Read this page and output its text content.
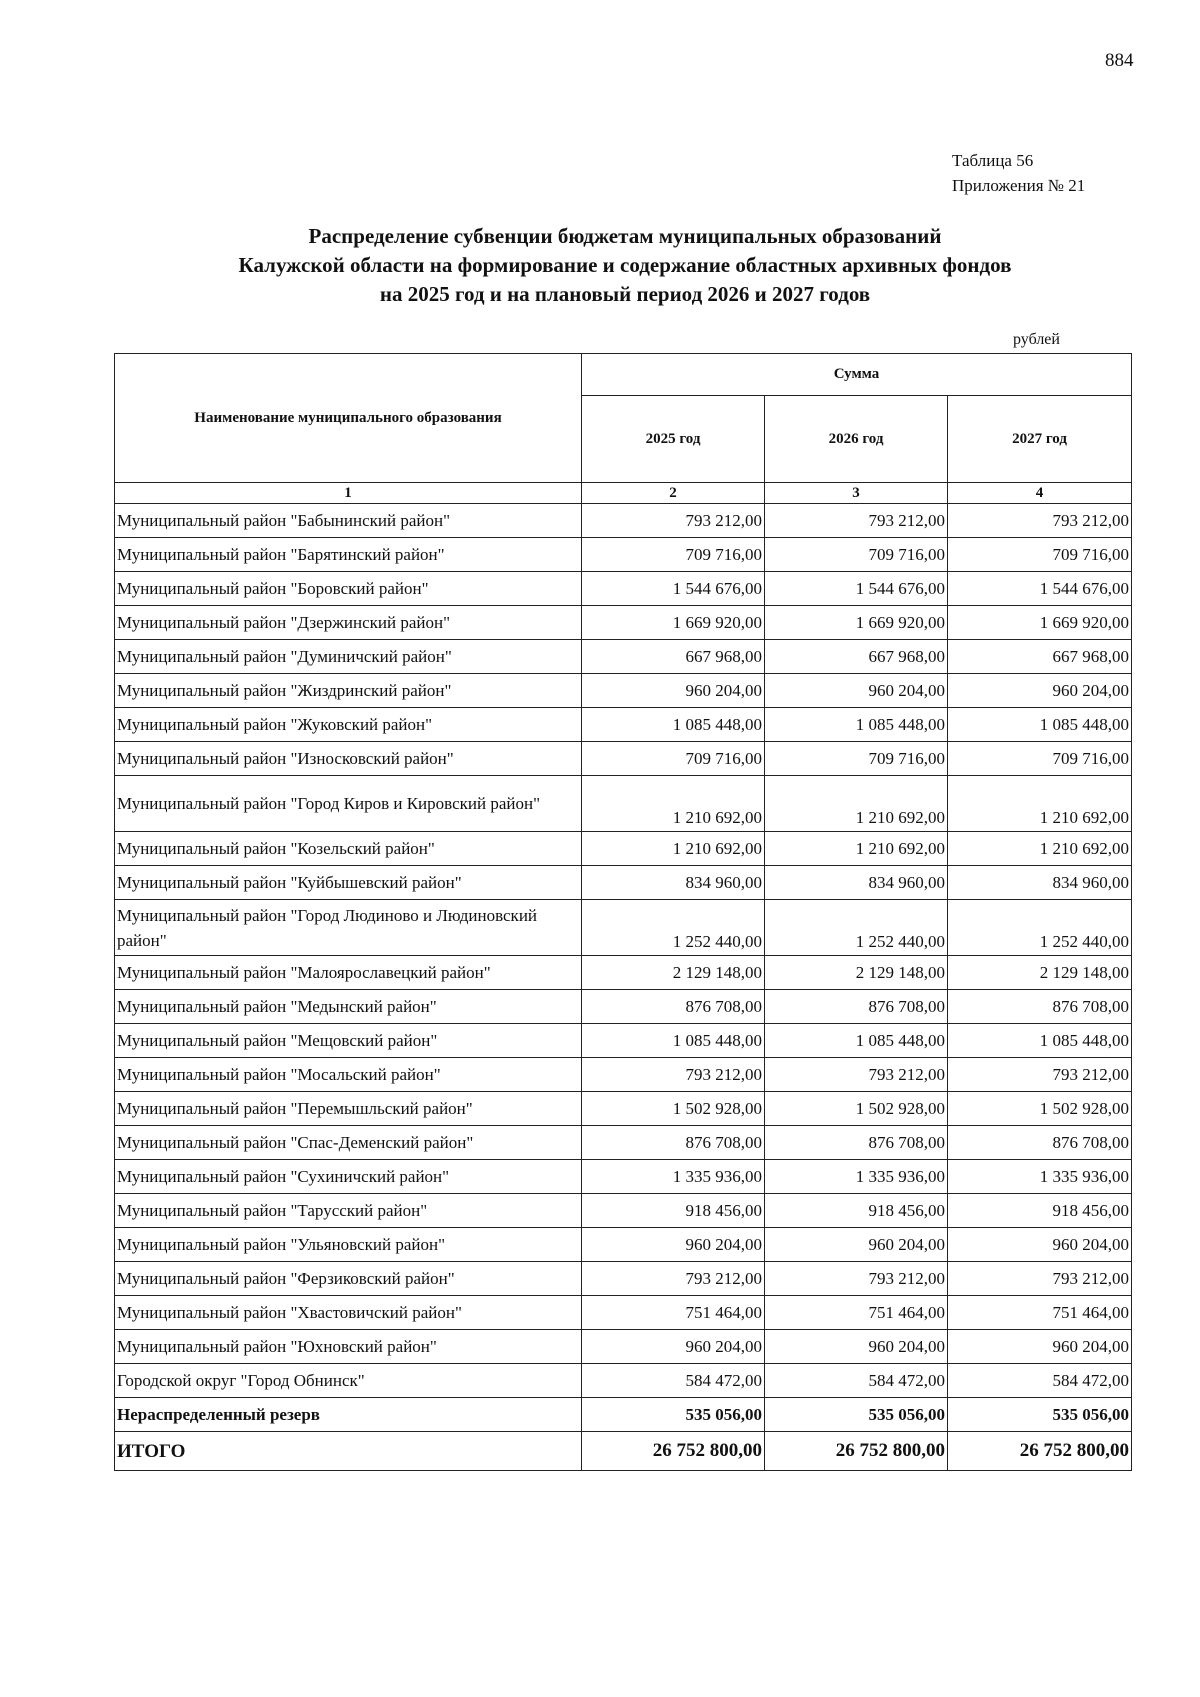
884
Таблица 56
Приложения № 21
Распределение субвенции бюджетам муниципальных образований
Калужской области на формирование и содержание областных архивных фондов
на 2025 год и на плановый период 2026 и 2027 годов
рублей
Наименование муниципального образования	Сумма		
	2025 год	2026 год	2027 год
1	2	3	4
Муниципальный район "Бабынинский район"	793 212,00	793 212,00	793 212,00
Муниципальный район "Барятинский район"	709 716,00	709 716,00	709 716,00
Муниципальный район "Боровский район"	1 544 676,00	1 544 676,00	1 544 676,00
Муниципальный район "Дзержинский район"	1 669 920,00	1 669 920,00	1 669 920,00
Муниципальный район "Думиничский район"	667 968,00	667 968,00	667 968,00
Муниципальный район "Жиздринский район"	960 204,00	960 204,00	960 204,00
Муниципальный район "Жуковский район"	1 085 448,00	1 085 448,00	1 085 448,00
Муниципальный район "Износковский район"	709 716,00	709 716,00	709 716,00
Муниципальный район "Город Киров и Кировский район"	1 210 692,00	1 210 692,00	1 210 692,00
Муниципальный район "Козельский район"	1 210 692,00	1 210 692,00	1 210 692,00
Муниципальный район "Куйбышевский район"	834 960,00	834 960,00	834 960,00
Муниципальный район "Город Людиново и Людиновский район"	1 252 440,00	1 252 440,00	1 252 440,00
Муниципальный район "Малоярославецкий район"	2 129 148,00	2 129 148,00	2 129 148,00
Муниципальный район "Медынский район"	876 708,00	876 708,00	876 708,00
Муниципальный район "Мещовский район"	1 085 448,00	1 085 448,00	1 085 448,00
Муниципальный район "Мосальский район"	793 212,00	793 212,00	793 212,00
Муниципальный район "Перемышльский район"	1 502 928,00	1 502 928,00	1 502 928,00
Муниципальный район "Спас-Деменский район"	876 708,00	876 708,00	876 708,00
Муниципальный район "Сухиничский район"	1 335 936,00	1 335 936,00	1 335 936,00
Муниципальный район "Тарусский район"	918 456,00	918 456,00	918 456,00
Муниципальный район "Ульяновский район"	960 204,00	960 204,00	960 204,00
Муниципальный район "Ферзиковский район"	793 212,00	793 212,00	793 212,00
Муниципальный район "Хвастовичский район"	751 464,00	751 464,00	751 464,00
Муниципальный район "Юхновский район"	960 204,00	960 204,00	960 204,00
Городской округ "Город Обнинск"	584 472,00	584 472,00	584 472,00
Нераспределенный резерв	535 056,00	535 056,00	535 056,00
ИТОГО	26 752 800,00	26 752 800,00	26 752 800,00
